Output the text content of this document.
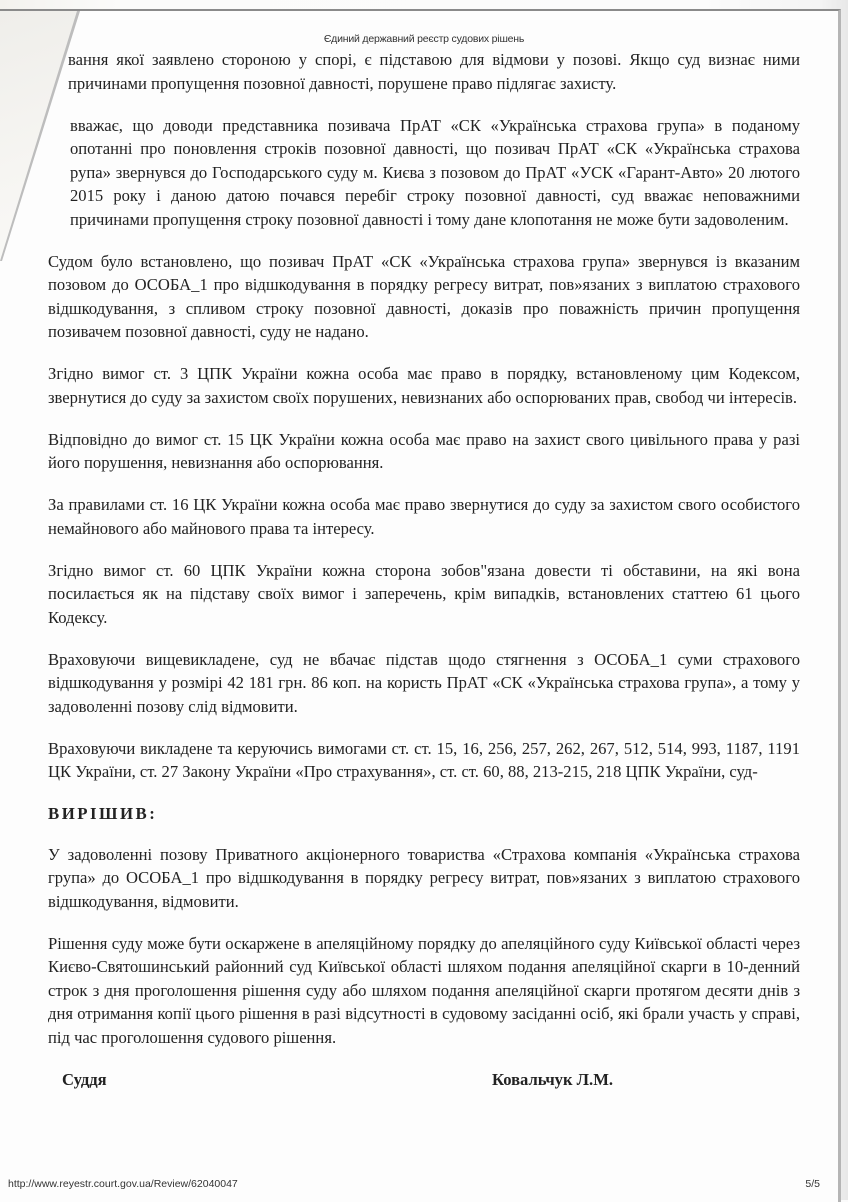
Єдиний державний реєстр судових рішень

вання якої заявлено стороною у спорі, є підставою для відмови у позові. Якщо суд визнає ними причинами пропущення позовної давності, порушене право підлягає захисту.

вважає, що доводи представника позивача ПрАТ «СК «Українська страхова група» в поданому опотанні про поновлення строків позовної давності, що позивач ПрАТ «СК «Українська страхова рупа» звернувся до Господарського суду м. Києва з позовом до ПрАТ «УСК «Гарант-Авто» 20 лютого 2015 року і даною датою почався перебіг строку позовної давності, суд вважає неповажними причинами пропущення строку позовної давності і тому дане клопотання не може бути задоволеним.

Судом було встановлено, що позивач ПрАТ «СК «Українська страхова група» звернувся із вказаним позовом до ОСОБА_1 про відшкодування в порядку регресу витрат, пов»язаних з виплатою страхового відшкодування, з спливом строку позовної давності, доказів про поважність причин пропущення позивачем позовної давності, суду не надано.

Згідно вимог ст. 3 ЦПК України кожна особа має право в порядку, встановленому цим Кодексом, звернутися до суду за захистом своїх порушених, невизнаних або оспорюваних прав, свобод чи інтересів.

Відповідно до вимог ст. 15 ЦК України кожна особа має право на захист свого цивільного права у разі його порушення, невизнання або оспорювання.

За правилами ст. 16 ЦК України кожна особа має право звернутися до суду за захистом свого особистого немайнового або майнового права та інтересу.

Згідно вимог ст. 60 ЦПК України кожна сторона зобов"язана довести ті обставини, на які вона посилається як на підставу своїх вимог і заперечень, крім випадків, встановлених статтею 61 цього Кодексу.

Враховуючи вищевикладене, суд не вбачає підстав щодо стягнення з ОСОБА_1 суми страхового відшкодування у розмірі 42 181 грн. 86 коп. на користь ПрАТ «СК «Українська страхова група», а тому у задоволенні позову слід відмовити.

Враховуючи викладене та керуючись вимогами ст. ст. 15, 16, 256, 257, 262, 267, 512, 514, 993, 1187, 1191 ЦК України, ст. 27 Закону України «Про страхування», ст. ст. 60, 88, 213-215, 218 ЦПК України, суд-

ВИРІШИВ:

У задоволенні позову Приватного акціонерного товариства «Страхова компанія «Українська страхова група» до ОСОБА_1 про відшкодування в порядку регресу витрат, пов»язаних з виплатою страхового відшкодування, відмовити.

Рішення суду може бути оскаржене в апеляційному порядку до апеляційного суду Київської області через Києво-Святошинський районний суд Київської області шляхом подання апеляційної скарги в 10-денний строк з дня проголошення рішення суду або шляхом подання апеляційної скарги протягом десяти днів з дня отримання копії цього рішення в разі відсутності в судовому засіданні осіб, які брали участь у справі, під час проголошення судового рішення.

Суддя	Ковальчук Л.М.
http://www.reyestr.court.gov.ua/Review/62040047	5/5
